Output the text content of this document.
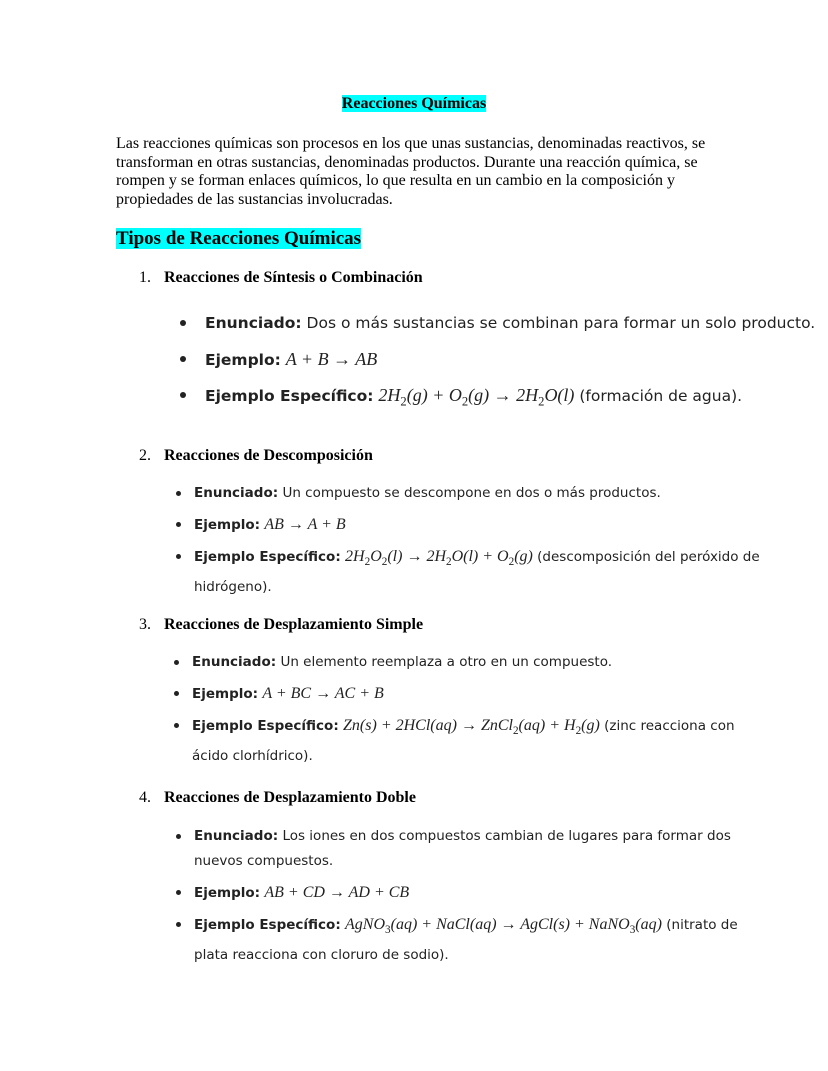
Reacciones Químicas
Las reacciones químicas son procesos en los que unas sustancias, denominadas reactivos, se transforman en otras sustancias, denominadas productos. Durante una reacción química, se rompen y se forman enlaces químicos, lo que resulta en un cambio en la composición y propiedades de las sustancias involucradas.
Tipos de Reacciones Químicas
1. Reacciones de Síntesis o Combinación
Enunciado: Dos o más sustancias se combinan para formar un solo producto.
Ejemplo: A + B → AB
Ejemplo Específico: $2H_2(g) + O_2(g) \to 2H_2O(l)$ (formación de agua).
2. Reacciones de Descomposición
Enunciado: Un compuesto se descompone en dos o más productos.
Ejemplo: AB → A + B
Ejemplo Específico: $2H_2O_2(l) \to 2H_2O(l) + O_2(g)$ (descomposición del peróxido de hidrógeno).
3. Reacciones de Desplazamiento Simple
Enunciado: Un elemento reemplaza a otro en un compuesto.
Ejemplo: A + BC → AC + B
Ejemplo Específico: Zn(s) + 2HCl(aq) → ZnCl$_2$(aq) + $H_2(g)$ (zinc reacciona con ácido clorhídrico).
4. Reacciones de Desplazamiento Doble
Enunciado: Los iones en dos compuestos cambian de lugares para formar dos nuevos compuestos.
Ejemplo: AB + CD → AD + CB
Ejemplo Específico: AgNO$_3$(aq) + NaCl(aq) → AgCl(s) + NaNO$_3$(aq) (nitrato de plata reacciona con cloruro de sodio).
